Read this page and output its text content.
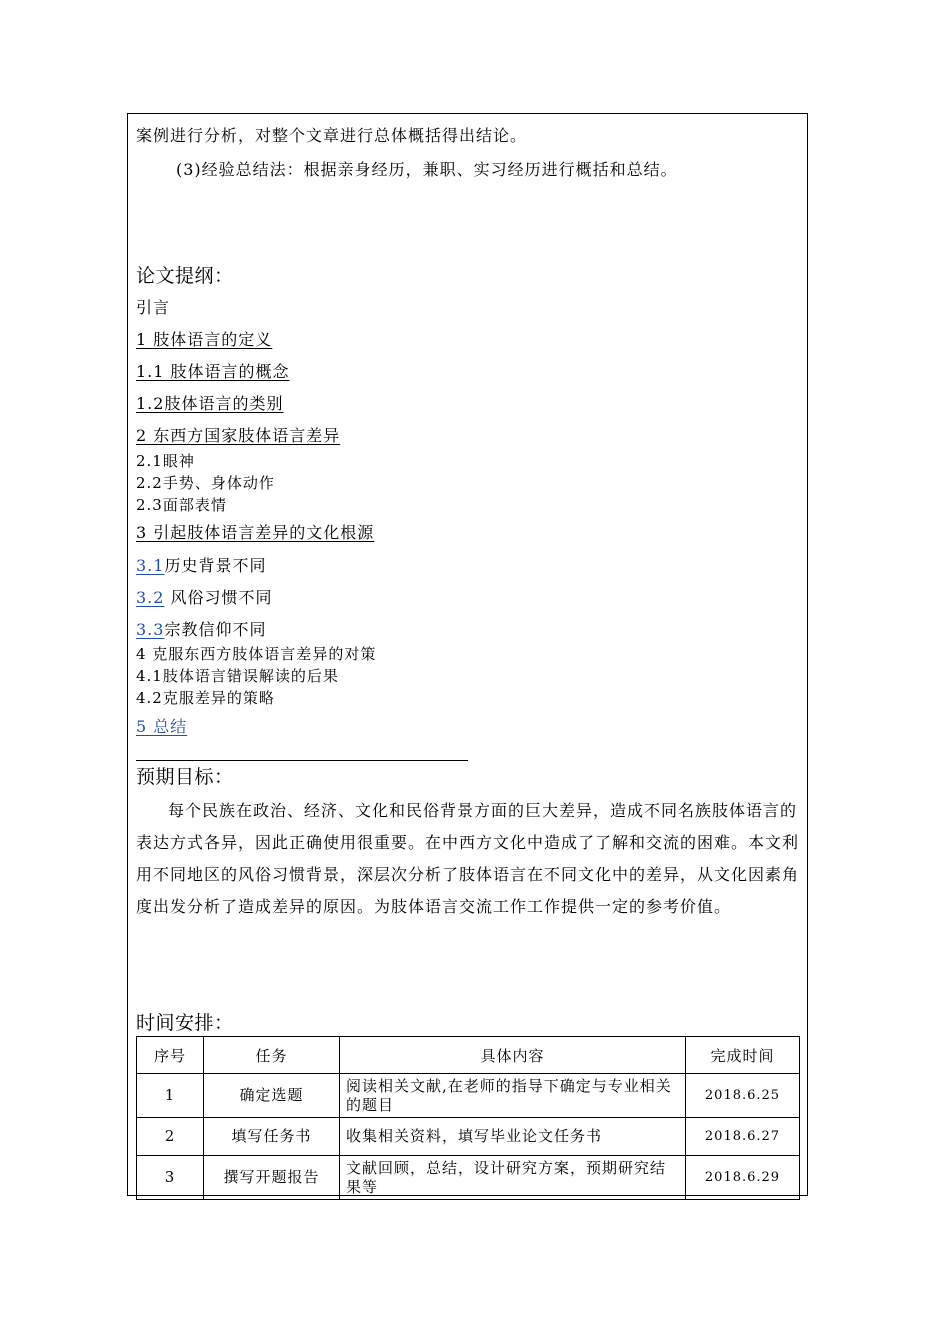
案例进行分析，对整个文章进行总体概括得出结论。
(3)经验总结法：根据亲身经历，兼职、实习经历进行概括和总结。
论文提纲：
引言
1 肢体语言的定义
1.1 肢体语言的概念
1.2肢体语言的类别
2 东西方国家肢体语言差异
2.1眼神
2.2手势、身体动作
2.3面部表情
3 引起肢体语言差异的文化根源
3.1历史背景不同
3.2 风俗习惯不同
3.3宗教信仰不同
4 克服东西方肢体语言差异的对策
4.1肢体语言错误解读的后果
4.2克服差异的策略
5 总结
预期目标：

每个民族在政治、经济、文化和民俗背景方面的巨大差异，造成不同名族肢体语言的表达方式各异，因此正确使用很重要。在中西方文化中造成了了解和交流的困难。本文利用不同地区的风俗习惯背景，深层次分析了肢体语言在不同文化中的差异，从文化因素角度出发分析了造成差异的原因。为肢体语言交流工作工作提供一定的参考价值。

时间安排：
序号	任务	具体内容	完成时间
1	确定选题	阅读相关文献,在老师的指导下确定与专业相关的题目	2018.6.25
2	填写任务书	收集相关资料，填写毕业论文任务书	2018.6.27
3	撰写开题报告	文献回顾，总结，设计研究方案，预期研究结果等	2018.6.29
